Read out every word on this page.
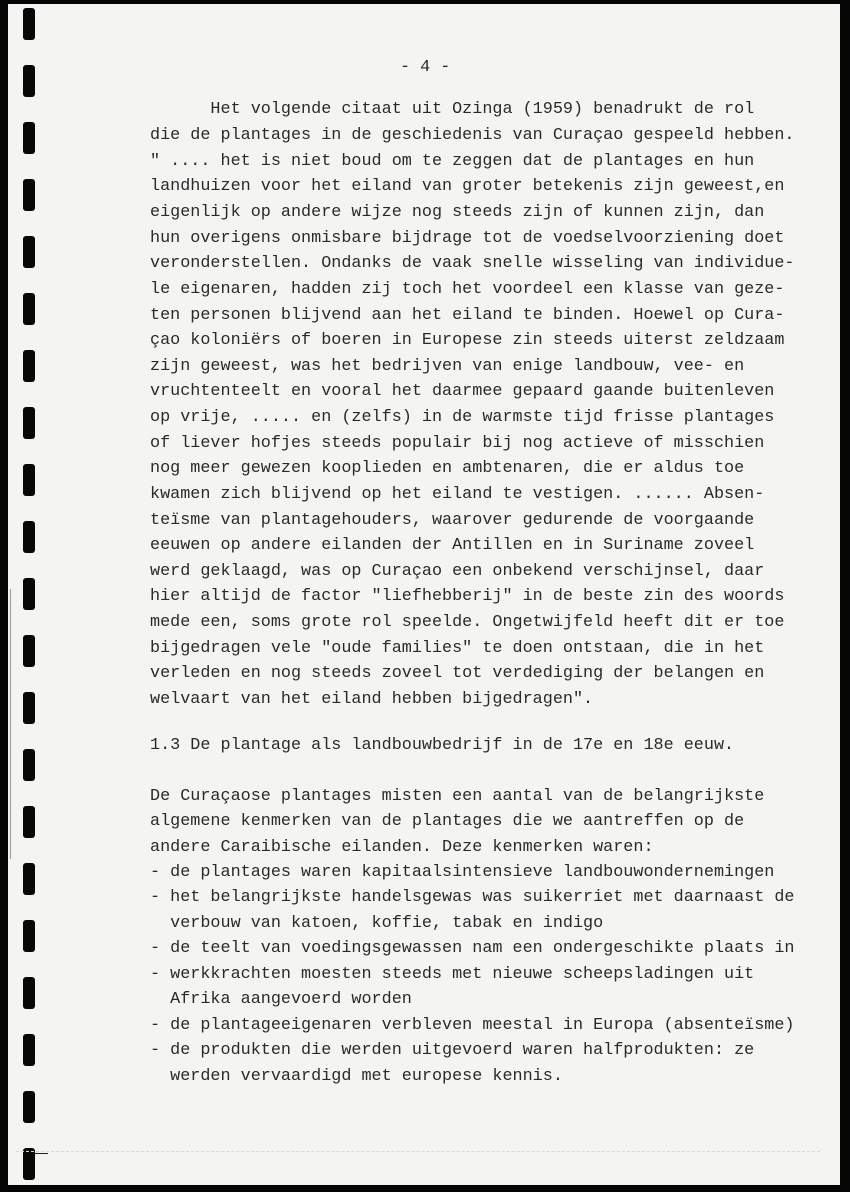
- 4 -
Het volgende citaat uit Ozinga (1959) benadrukt de rol
die de plantages in de geschiedenis van Curaçao gespeeld hebben.
" .... het is niet boud om te zeggen dat de plantages en hun
landhuizen voor het eiland van groter betekenis zijn geweest,en
eigenlijk op andere wijze nog steeds zijn of kunnen zijn, dan
hun overigens onmisbare bijdrage tot de voedselvoorziening doet
veronderstellen. Ondanks de vaak snelle wisseling van individue-
le eigenaren, hadden zij toch het voordeel een klasse van geze-
ten personen blijvend aan het eiland te binden. Hoewel op Cura-
çao koloniërs of boeren in Europese zin steeds uiterst zeldzaam
zijn geweest, was het bedrijven van enige landbouw, vee- en
vruchtenteelt en vooral het daarmee gepaard gaande buitenleven
op vrije, ..... en (zelfs) in de warmste tijd frisse plantages
of liever hofjes steeds populair bij nog actieve of misschien
nog meer gewezen kooplieden en ambtenaren, die er aldus toe
kwamen zich blijvend op het eiland te vestigen. ...... Absen-
teïsme van plantagehouders, waarover gedurende de voorgaande
eeuwen op andere eilanden der Antillen en in Suriname zoveel
werd geklaagd, was op Curaçao een onbekend verschijnsel, daar
hier altijd de factor "liefhebberij" in de beste zin des woords
mede een, soms grote rol speelde. Ongetwijfeld heeft dit er toe
bijgedragen vele "oude families" te doen ontstaan, die in het
verleden en nog steeds zoveel tot verdediging der belangen en
welvaart van het eiland hebben bijgedragen".
1.3 De plantage als landbouwbedrijf in de 17e en 18e eeuw.
De Curaçaose plantages misten een aantal van de belangrijkste
algemene kenmerken van de plantages die we aantreffen op de
andere Caraibische eilanden. Deze kenmerken waren:
- de plantages waren kapitaalsintensieve landbouwondernemingen
- het belangrijkste handelsgewas was suikerriet met daarnaast de
verbouw van katoen, koffie, tabak en indigo
- de teelt van voedingsgewassen nam een ondergeschikte plaats in
- werkkrachten moesten steeds met nieuwe scheepsladingen uit
Afrika aangevoerd worden
- de plantageeigenaren verbleven meestal in Europa (absenteïsme)
- de produkten die werden uitgevoerd waren halfprodukten: ze
werden vervaardigd met europese kennis.
